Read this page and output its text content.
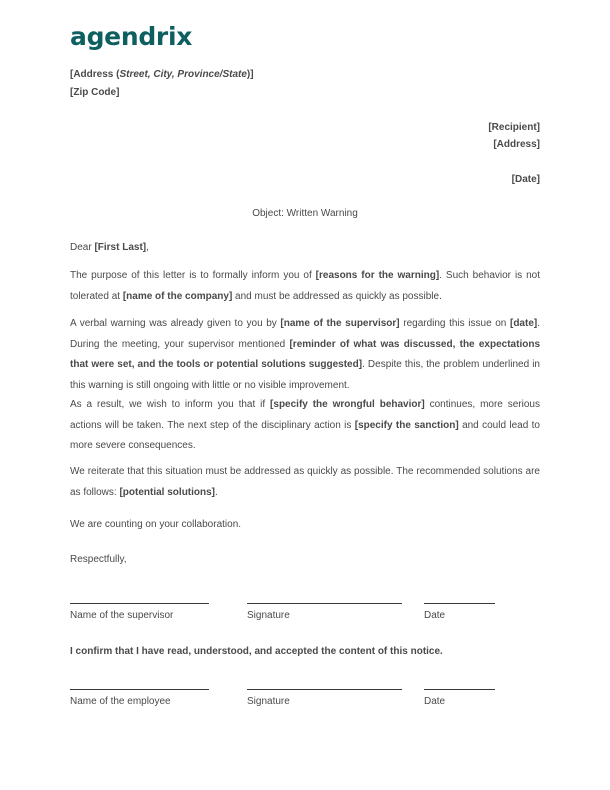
agendrix
[Address (Street, City, Province/State)]
[Zip Code]
[Recipient]
[Address]
[Date]
Object: Written Warning
Dear [First Last],
The purpose of this letter is to formally inform you of [reasons for the warning]. Such behavior is not tolerated at [name of the company] and must be addressed as quickly as possible.
A verbal warning was already given to you by [name of the supervisor] regarding this issue on [date]. During the meeting, your supervisor mentioned [reminder of what was discussed, the expectations that were set, and the tools or potential solutions suggested]. Despite this, the problem underlined in this warning is still ongoing with little or no visible improvement.
As a result, we wish to inform you that if [specify the wrongful behavior] continues, more serious actions will be taken. The next step of the disciplinary action is [specify the sanction] and could lead to more severe consequences.
We reiterate that this situation must be addressed as quickly as possible. The recommended solutions are as follows: [potential solutions].
We are counting on your collaboration.
Respectfully,
Name of the supervisor	Signature	Date
I confirm that I have read, understood, and accepted the content of this notice.
Name of the employee	Signature	Date
